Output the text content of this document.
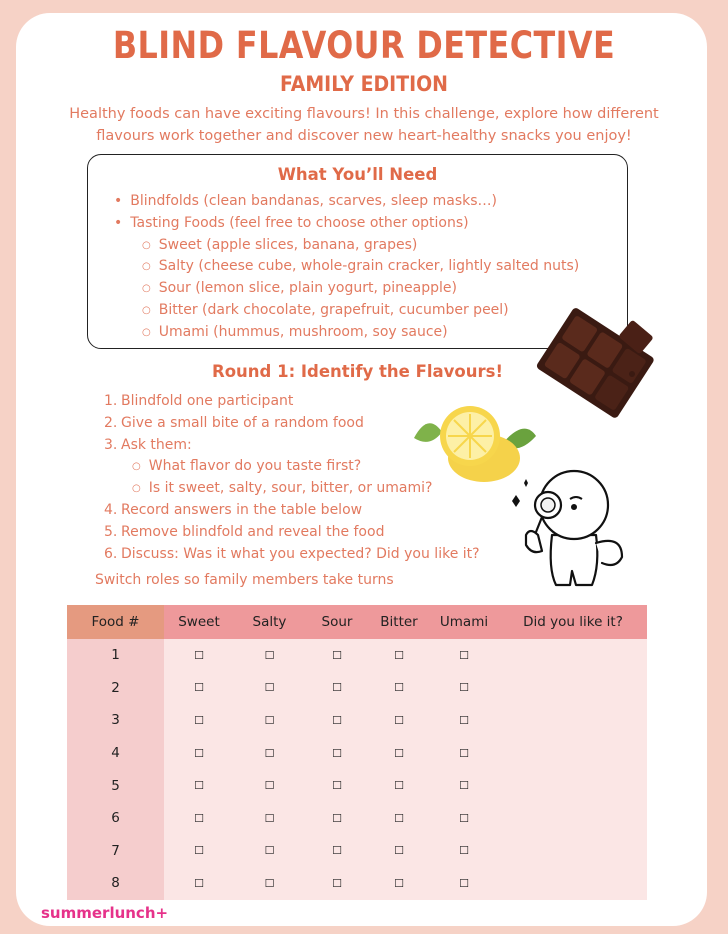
BLIND FLAVOUR DETECTIVE
FAMILY EDITION

Healthy foods can have exciting flavours! In this challenge, explore how different flavours work together and discover new heart-healthy snacks you enjoy!

What You’ll Need
• Blindfolds (clean bandanas, scarves, sleep masks…)
• Tasting Foods (feel free to choose other options)
○ Sweet (apple slices, banana, grapes)
○ Salty (cheese cube, whole-grain cracker, lightly salted nuts)
○ Sour (lemon slice, plain yogurt, pineapple)
○ Bitter (dark chocolate, grapefruit, cucumber peel)
○ Umami (hummus, mushroom, soy sauce)
Round 1: Identify the Flavours!
1. Blindfold one participant
2. Give a small bite of a random food
3. Ask them:
○ What flavor do you taste first?
○ Is it sweet, salty, sour, bitter, or umami?
4. Record answers in the table below
5. Remove blindfold and reveal the food
6. Discuss: Was it what you expected? Did you like it?
Switch roles so family members take turns
Food #	Sweet	Salty	Sour	Bitter	Umami	Did you like it?
1	☐	☐	☐	☐	☐	
2	☐	☐	☐	☐	☐	
3	☐	☐	☐	☐	☐	
4	☐	☐	☐	☐	☐	
5	☐	☐	☐	☐	☐	
6	☐	☐	☐	☐	☐	
7	☐	☐	☐	☐	☐	
8	☐	☐	☐	☐	☐	
summerlunch+
